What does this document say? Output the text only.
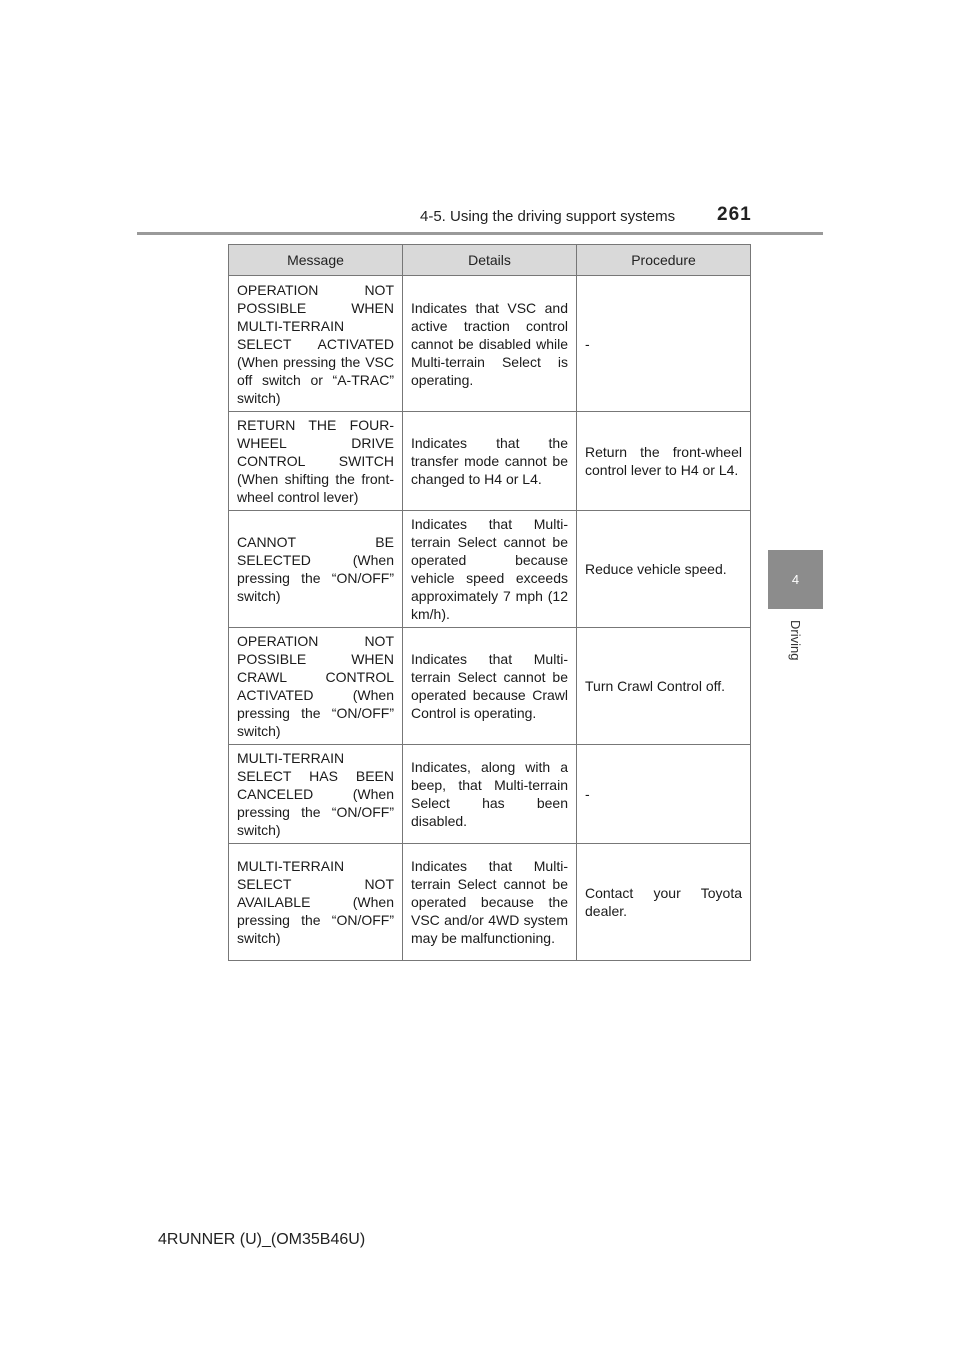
4-5. Using the driving support systems 261
4
Driving
Message	Details	Procedure
OPERATION NOT POSSIBLE WHEN MULTI-TERRAIN SELECT ACTIVATED (When pressing the VSC off switch or “A-TRAC” switch)	Indicates that VSC and active traction control cannot be disabled while Multi-terrain Select is operating.	-
RETURN THE FOUR-WHEEL DRIVE CONTROL SWITCH (When shifting the front-wheel control lever)	Indicates that the transfer mode cannot be changed to H4 or L4.	Return the front-wheel control lever to H4 or L4.
CANNOT BE SELECTED (When pressing the “ON/OFF” switch)	Indicates that Multi-terrain Select cannot be operated because vehicle speed exceeds approximately 7 mph (12 km/h).	Reduce vehicle speed.
OPERATION NOT POSSIBLE WHEN CRAWL CONTROL ACTIVATED (When pressing the “ON/OFF” switch)	Indicates that Multi-terrain Select cannot be operated because Crawl Control is operating.	Turn Crawl Control off.
MULTI-TERRAIN SELECT HAS BEEN CANCELED (When pressing the “ON/OFF” switch)	Indicates, along with a beep, that Multi-terrain Select has been disabled.	-
MULTI-TERRAIN SELECT NOT AVAILABLE (When pressing the “ON/OFF” switch)	Indicates that Multi-terrain Select cannot be operated because the VSC and/or 4WD system may be malfunctioning.	Contact your Toyota dealer.
4RUNNER (U)_(OM35B46U)
